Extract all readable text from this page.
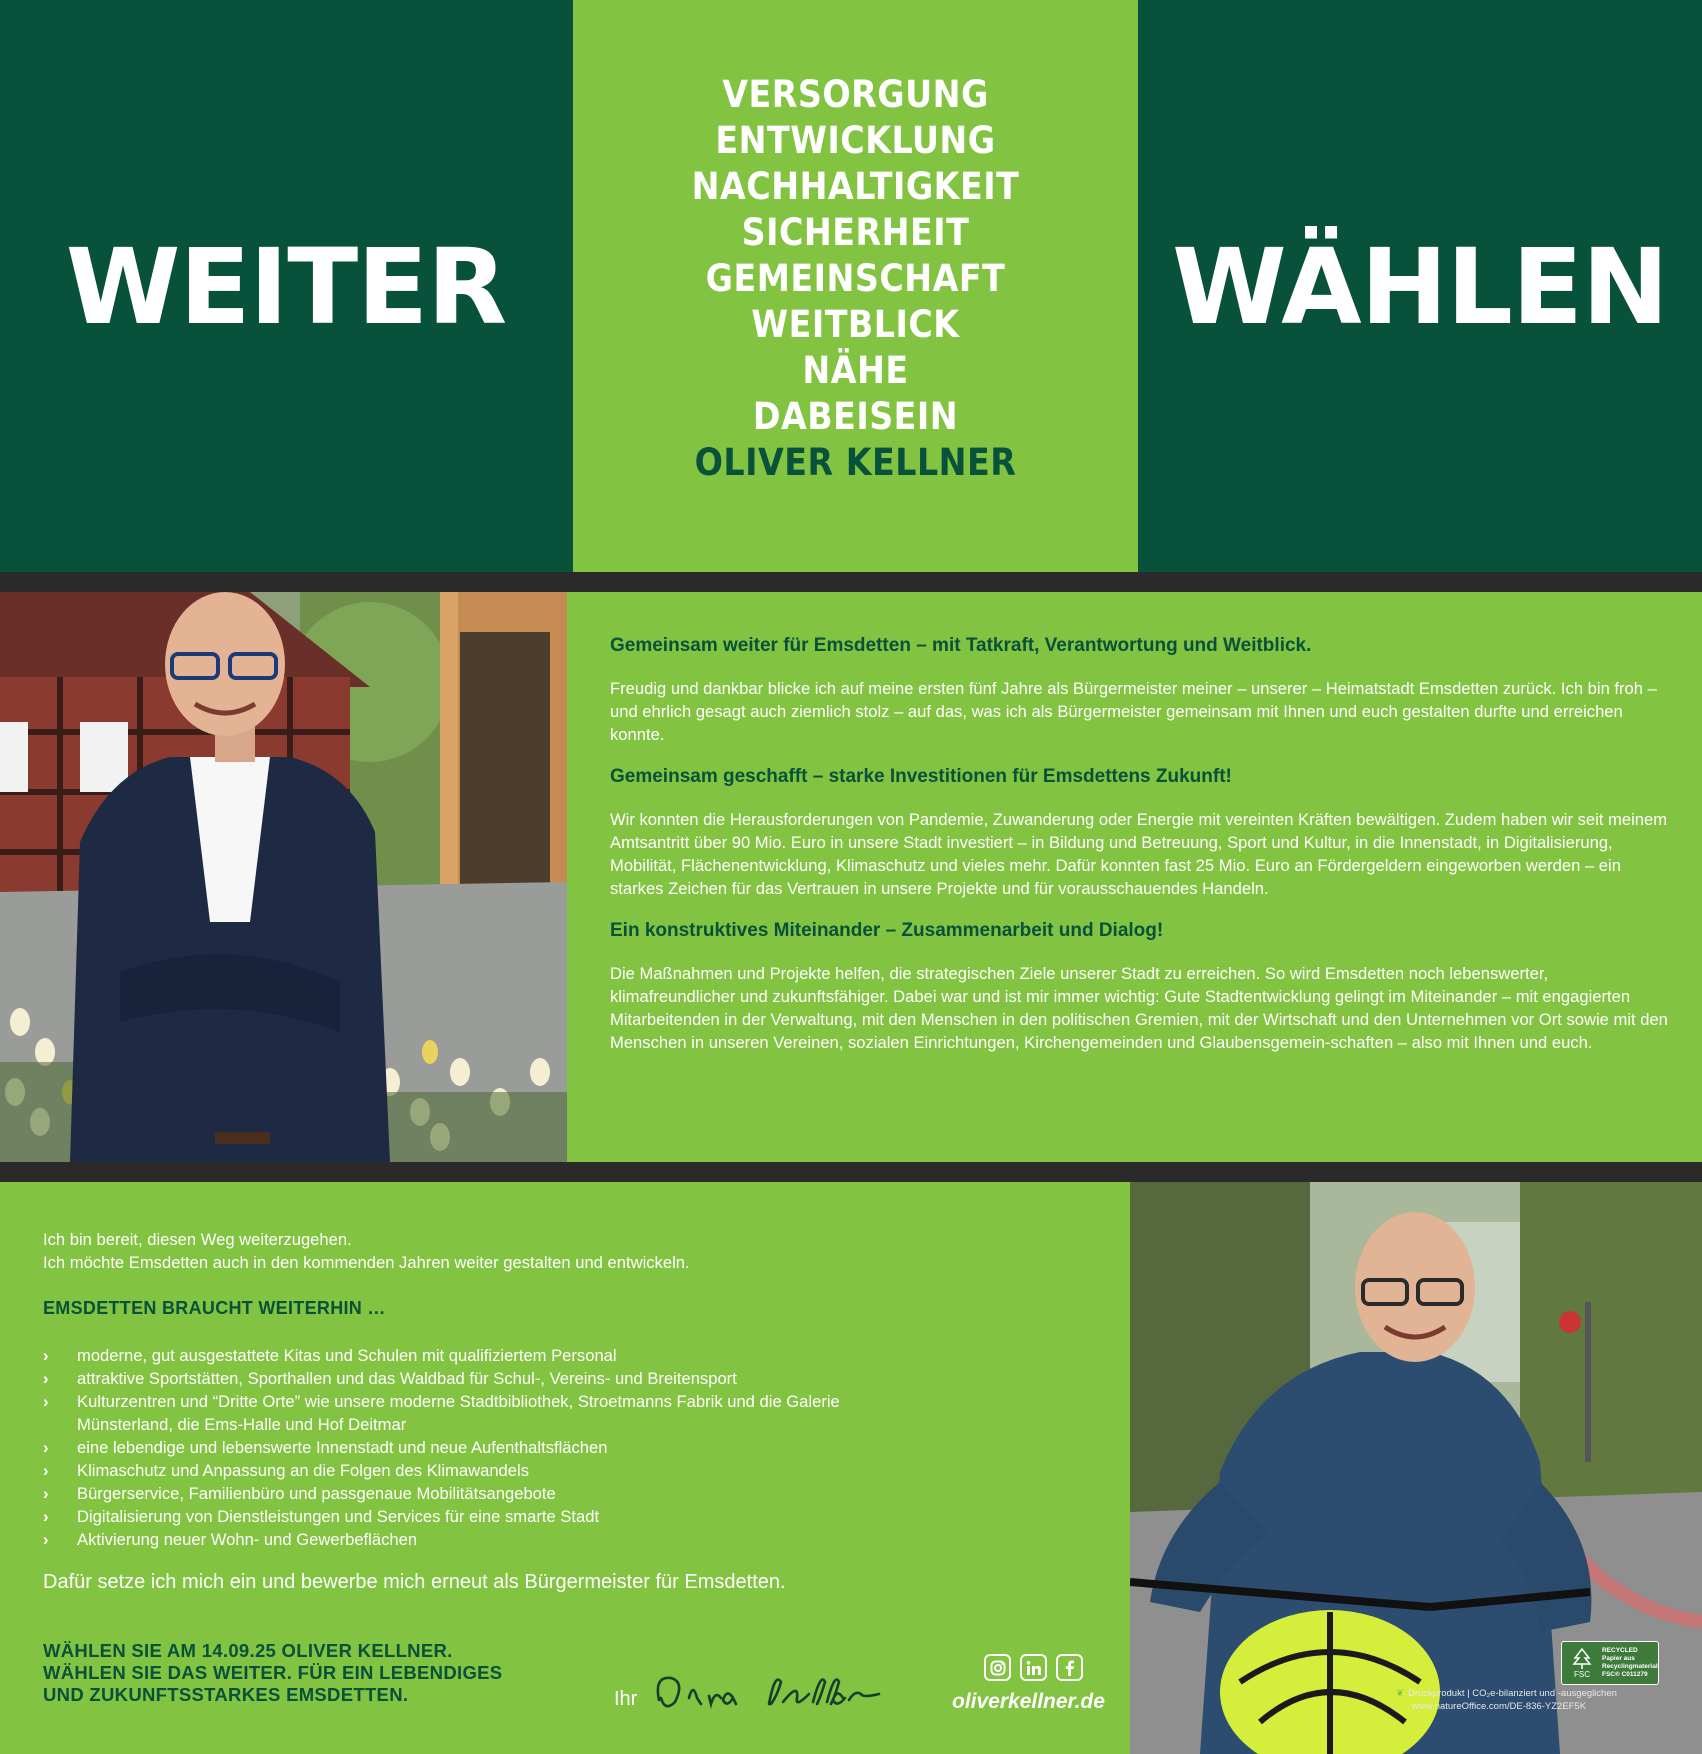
WEITER	WÄHLEN
VERSORGUNG
ENTWICKLUNG
NACHHALTIGKEIT
SICHERHEIT
GEMEINSCHAFT
WEITBLICK
NÄHE
DABEISEIN
OLIVER KELLNER
Gemeinsam weiter für Emsdetten – mit Tatkraft, Verantwortung und Weitblick.

Freudig und dankbar blicke ich auf meine ersten fünf Jahre als Bürgermeister meiner – unserer – Heimatstadt Emsdetten zurück. Ich bin froh – und ehrlich gesagt auch ziemlich stolz – auf das, was ich als Bürgermeister gemeinsam mit Ihnen und euch gestalten durfte und erreichen konnte.

Gemeinsam geschafft – starke Investitionen für Emsdettens Zukunft!

Wir konnten die Herausforderungen von Pandemie, Zuwanderung oder Energie mit vereinten Kräften bewältigen. Zudem haben wir seit meinem Amtsantritt über 90 Mio. Euro in unsere Stadt investiert – in Bildung und Betreuung, Sport und Kultur, in die Innenstadt, in Digitalisierung, Mobilität, Flächenentwicklung, Klimaschutz und vieles mehr. Dafür konnten fast 25 Mio. Euro an Fördergeldern eingeworben werden – ein starkes Zeichen für das Vertrauen in unsere Projekte und für vorausschauendes Handeln.

Ein konstruktives Miteinander – Zusammenarbeit und Dialog!

Die Maßnahmen und Projekte helfen, die strategischen Ziele unserer Stadt zu erreichen. So wird Emsdetten noch lebenswerter, klimafreundlicher und zukunftsfähiger. Dabei war und ist mir immer wichtig: Gute Stadtentwicklung gelingt im Miteinander – mit engagierten Mitarbeitenden in der Verwaltung, mit den Menschen in den politischen Gremien, mit der Wirtschaft und den Unternehmen vor Ort sowie mit den Menschen in unseren Vereinen, sozialen Einrichtungen, Kirchengemeinden und Glaubensgemein-schaften – also mit Ihnen und euch.

Ich bin bereit, diesen Weg weiterzugehen.
Ich möchte Emsdetten auch in den kommenden Jahren weiter gestalten und entwickeln.
EMSDETTEN BRAUCHT WEITERHIN …
› moderne, gut ausgestattete Kitas und Schulen mit qualifiziertem Personal
› attraktive Sportstätten, Sporthallen und das Waldbad für Schul-, Vereins- und Breitensport
› Kulturzentren und “Dritte Orte” wie unsere moderne Stadtbibliothek, Stroetmanns Fabrik und die Galerie Münsterland, die Ems-Halle und Hof Deitmar
› eine lebendige und lebenswerte Innenstadt und neue Aufenthaltsflächen
› Klimaschutz und Anpassung an die Folgen des Klimawandels
› Bürgerservice, Familienbüro und passgenaue Mobilitätsangebote
› Digitalisierung von Dienstleistungen und Services für eine smarte Stadt
› Aktivierung neuer Wohn- und Gewerbeflächen
Dafür setze ich mich ein und bewerbe mich erneut als Bürgermeister für Emsdetten.
WÄHLEN SIE AM 14.09.25 OLIVER KELLNER.
WÄHLEN SIE DAS WEITER. FÜR EIN LEBENDIGES
UND ZUKUNFTSSTARKES EMSDETTEN.	Ihr	oliverkellner.de
FSC
RECYCLED
Papier aus Recyclingmaterial
FSC® C011279
❦ Druckprodukt | CO₂e-bilanziert und -ausgeglichen
www.natureOffice.com/DE-836-YZ2EF5K
